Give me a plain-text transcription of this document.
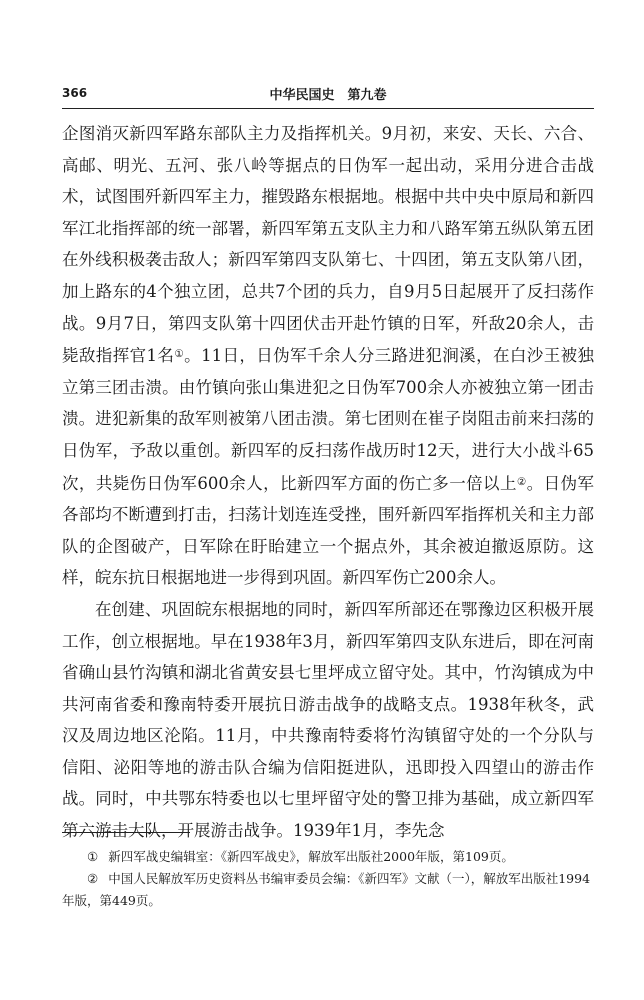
366	中华民国史　第九卷

企图消灭新四军路东部队主力及指挥机关。9月初，来安、天长、六合、高邮、明光、五河、张八岭等据点的日伪军一起出动，采用分进合击战术，试图围歼新四军主力，摧毁路东根据地。根据中共中央中原局和新四军江北指挥部的统一部署，新四军第五支队主力和八路军第五纵队第五团在外线积极袭击敌人；新四军第四支队第七、十四团，第五支队第八团，加上路东的4个独立团，总共7个团的兵力，自9月5日起展开了反扫荡作战。9月7日，第四支队第十四团伏击开赴竹镇的日军，歼敌20余人，击毙敌指挥官1名①。11日，日伪军千余人分三路进犯涧溪，在白沙王被独立第三团击溃。由竹镇向张山集进犯之日伪军700余人亦被独立第一团击溃。进犯新集的敌军则被第八团击溃。第七团则在崔子岗阻击前来扫荡的日伪军，予敌以重创。新四军的反扫荡作战历时12天，进行大小战斗65次，共毙伤日伪军600余人，比新四军方面的伤亡多一倍以上②。日伪军各部均不断遭到打击，扫荡计划连连受挫，围歼新四军指挥机关和主力部队的企图破产，日军除在盱眙建立一个据点外，其余被迫撤返原防。这样，皖东抗日根据地进一步得到巩固。新四军伤亡200余人。

在创建、巩固皖东根据地的同时，新四军所部还在鄂豫边区积极开展工作，创立根据地。早在1938年3月，新四军第四支队东进后，即在河南省确山县竹沟镇和湖北省黄安县七里坪成立留守处。其中，竹沟镇成为中共河南省委和豫南特委开展抗日游击战争的战略支点。1938年秋冬，武汉及周边地区沦陷。11月，中共豫南特委将竹沟镇留守处的一个分队与信阳、泌阳等地的游击队合编为信阳挺进队，迅即投入四望山的游击作战。同时，中共鄂东特委也以七里坪留守处的警卫排为基础，成立新四军第六游击大队，开展游击战争。1939年1月，李先念

① 新四军战史编辑室：《新四军战史》，解放军出版社2000年版，第109页。

② 中国人民解放军历史资料丛书编审委员会编：《新四军》文献（一），解放军出版社1994年版，第449页。
